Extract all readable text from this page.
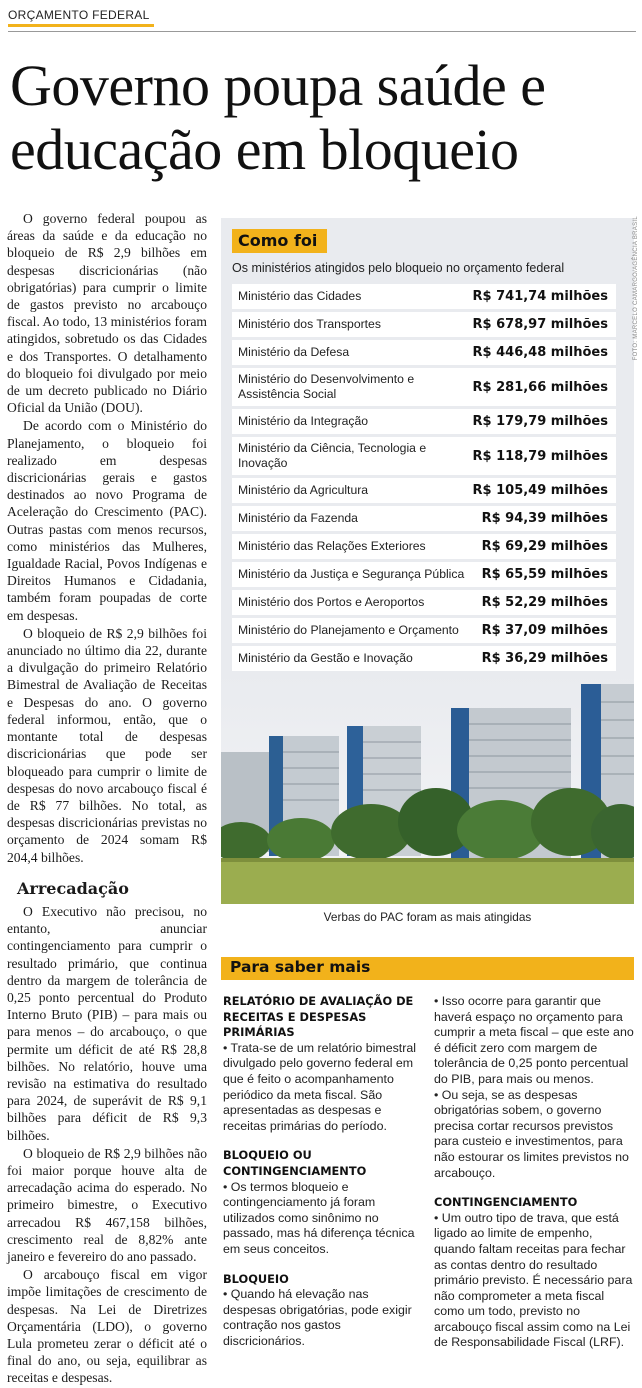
ORÇAMENTO FEDERAL
Governo poupa saúde e educação em bloqueio

O governo federal poupou as áreas da saúde e da educação no bloqueio de R$ 2,9 bilhões em despesas discricionárias (não obrigatórias) para cumprir o limite de gastos previsto no arcabouço fiscal. Ao todo, 13 ministérios foram atingidos, sobretudo os das Cidades e dos Transportes. O detalhamento do bloqueio foi divulgado por meio de um decreto publicado no Diário Oficial da União (DOU).

De acordo com o Ministério do Planejamento, o bloqueio foi realizado em despesas discricionárias gerais e gastos destinados ao novo Programa de Aceleração do Crescimento (PAC). Outras pastas com menos recursos, como ministérios das Mulheres, Igualdade Racial, Povos Indígenas e Direitos Humanos e Cidadania, também foram poupadas de corte em despesas.

O bloqueio de R$ 2,9 bilhões foi anunciado no último dia 22, durante a divulgação do primeiro Relatório Bimestral de Avaliação de Receitas e Despesas do ano. O governo federal informou, então, que o montante total de despesas discricionárias que pode ser bloqueado para cumprir o limite de despesas do novo arcabouço fiscal é de R$ 77 bilhões. No total, as despesas discricionárias previstas no orçamento de 2024 somam R$ 204,4 bilhões.

Arrecadação

O Executivo não precisou, no entanto, anunciar contingenciamento para cumprir o resultado primário, que continua dentro da margem de tolerância de 0,25 ponto percentual do Produto Interno Bruto (PIB) – para mais ou para menos – do arcabouço, o que permite um déficit de até R$ 28,8 bilhões. No relatório, houve uma revisão na estimativa do resultado para 2024, de superávit de R$ 9,1 bilhões para déficit de R$ 9,3 bilhões.

O bloqueio de R$ 2,9 bilhões não foi maior porque houve alta de arrecadação acima do esperado. No primeiro bimestre, o Executivo arrecadou R$ 467,158 bilhões, crescimento real de 8,82% ante janeiro e fevereiro do ano passado.

O arcabouço fiscal em vigor impõe limitações de crescimento de despesas. Na Lei de Diretrizes Orçamentária (LDO), o governo Lula prometeu zerar o déficit até o final do ano, ou seja, equilibrar as receitas e despesas.

Como foi
Os ministérios atingidos pelo bloqueio no orçamento federal	FOTO: MARCELO CAMARGO/AGÊNCIA BRASIL
Ministério das Cidades	R$ 741,74 milhões
Ministério dos Transportes	R$ 678,97 milhões
Ministério da Defesa	R$ 446,48 milhões
Ministério do Desenvolvimento e Assistência Social	R$ 281,66 milhões
Ministério da Integração	R$ 179,79 milhões
Ministério da Ciência, Tecnologia e Inovação	R$ 118,79 milhões
Ministério da Agricultura	R$ 105,49 milhões
Ministério da Fazenda	R$ 94,39 milhões
Ministério das Relações Exteriores	R$ 69,29 milhões
Ministério da Justiça e Segurança Pública	R$ 65,59 milhões
Ministério dos Portos e Aeroportos	R$ 52,29 milhões
Ministério do Planejamento e Orçamento	R$ 37,09 milhões
Ministério da Gestão e Inovação	R$ 36,29 milhões
Verbas do PAC foram as mais atingidas
Para saber mais
RELATÓRIO DE AVALIAÇÃO DE RECEITAS E DESPESAS PRIMÁRIAS

• Trata-se de um relatório bimestral divulgado pelo governo federal em que é feito o acompanhamento periódico da meta fiscal. São apresentadas as despesas e receitas primárias do período.

BLOQUEIO OU CONTINGENCIAMENTO

• Os termos bloqueio e contingenciamento já foram utilizados como sinônimo no passado, mas há diferença técnica em seus conceitos.

BLOQUEIO

• Quando há elevação nas despesas obrigatórias, pode exigir contração nos gastos discricionários.

• Isso ocorre para garantir que haverá espaço no orçamento para cumprir a meta fiscal – que este ano é déficit zero com margem de tolerância de 0,25 ponto percentual do PIB, para mais ou menos.

• Ou seja, se as despesas obrigatórias sobem, o governo precisa cortar recursos previstos para custeio e investimentos, para não estourar os limites previstos no arcabouço.

CONTINGENCIAMENTO

• Um outro tipo de trava, que está ligado ao limite de empenho, quando faltam receitas para fechar as contas dentro do resultado primário previsto. É necessário para não comprometer a meta fiscal como um todo, previsto no arcabouço fiscal assim como na Lei de Responsabilidade Fiscal (LRF).
